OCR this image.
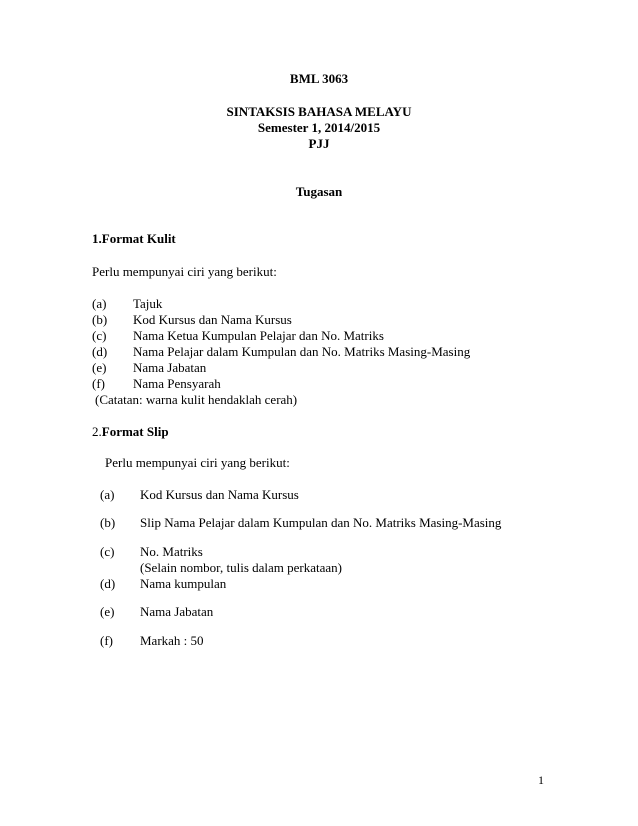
BML 3063
SINTAKSIS BAHASA MELAYU
Semester 1, 2014/2015
PJJ
Tugasan
1.Format Kulit
Perlu mempunyai ciri yang berikut:
(a) Tajuk
(b) Kod Kursus dan Nama Kursus
(c) Nama Ketua Kumpulan Pelajar dan No. Matriks
(d) Nama Pelajar dalam Kumpulan dan No. Matriks Masing-Masing
(e) Nama Jabatan
(f) Nama Pensyarah
(Catatan: warna kulit hendaklah cerah)
2.Format Slip
Perlu mempunyai ciri yang berikut:
(a) Kod Kursus dan Nama Kursus
(b) Slip Nama Pelajar dalam Kumpulan dan No. Matriks Masing-Masing
(c) No. Matriks
(Selain nombor, tulis dalam perkataan)
(d) Nama kumpulan
(e) Nama Jabatan
(f) Markah : 50
1
